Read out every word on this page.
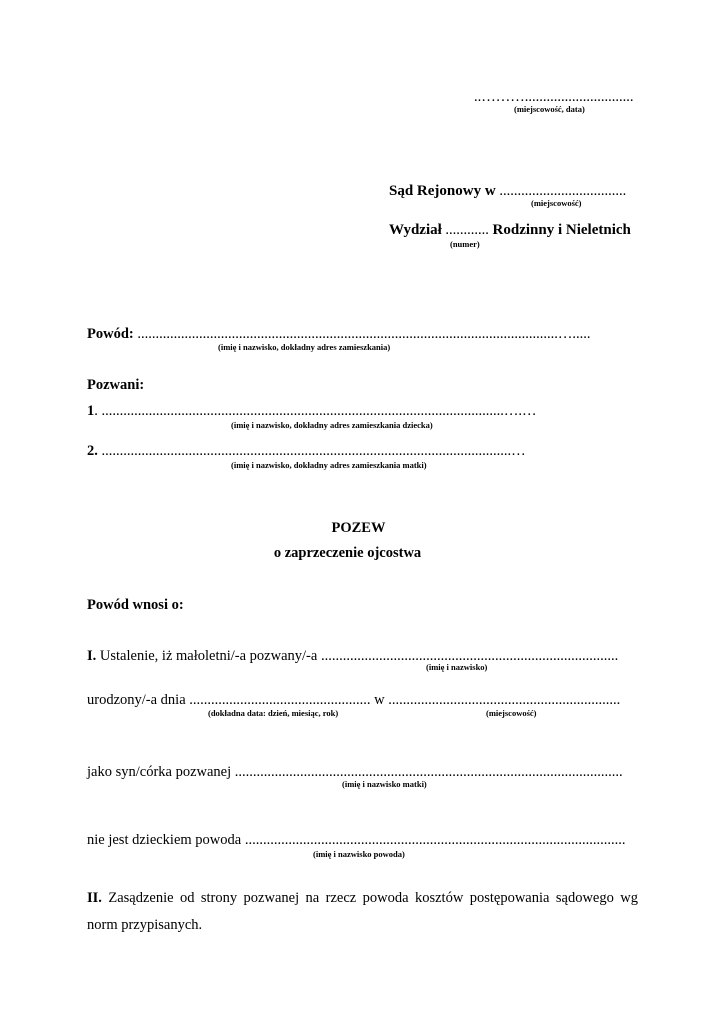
..………..............................
(miejscowość, data)
Sąd Rejonowy w ...................................
(miejscowość)
Wydział ............ Rodzinny i Nieletnich
(numer)
Powód: ....................................................................................................................….....
(imię i nazwisko, dokładny adres zamieszkania)
Pozwani:
1. ...............................................................................................................….…
(imię i nazwisko, dokładny adres zamieszkania dziecka)
2. .................................................................................................................…
(imię i nazwisko, dokładny adres zamieszkania matki)
POZEW
o zaprzeczenie ojcostwa
Powód wnosi o:
I. Ustalenie, iż małoletni/-a pozwany/-a ..................................................................................
(imię i nazwisko)
urodzony/-a dnia .................................................. w ................................................................
(dokładna data: dzień, miesiąc, rok)	(miejscowość)
jako syn/córka pozwanej ...........................................................................................................
(imię i nazwisko matki)
nie jest dzieckiem powoda .........................................................................................................
(imię i nazwisko powoda)
II. Zasądzenie od strony pozwanej na rzecz powoda kosztów postępowania sądowego wg
norm przypisanych.
